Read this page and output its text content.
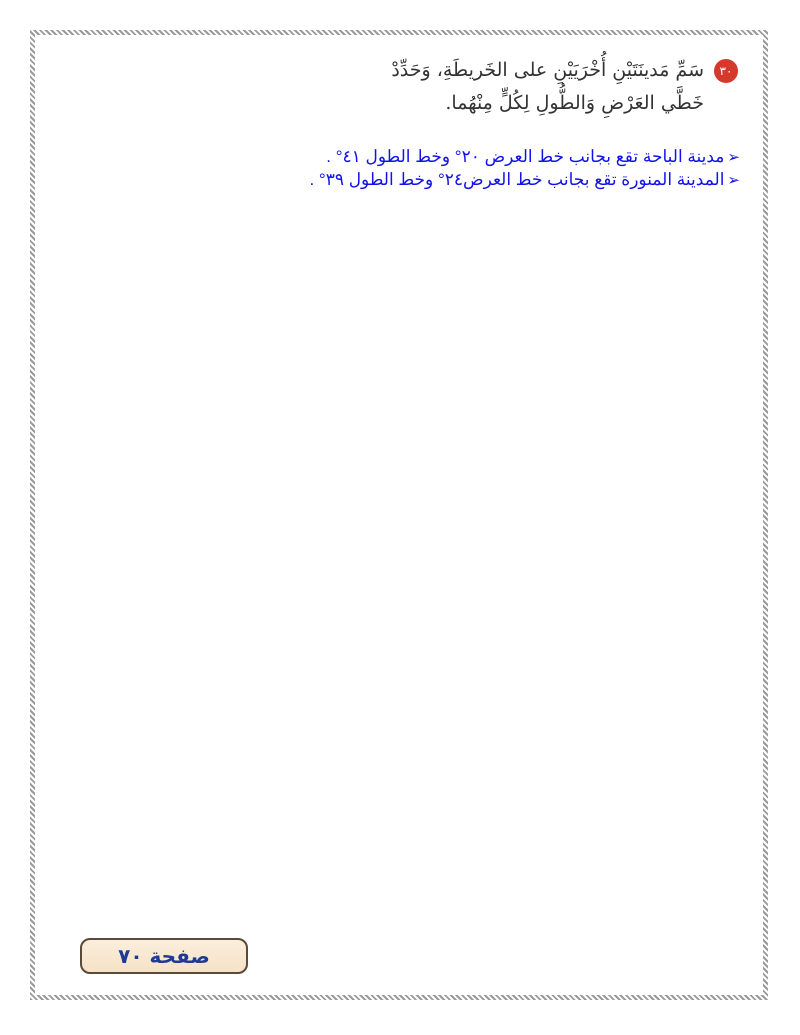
٣٠سَمِّ مَدينَتَيْنِ أُخْرَيَيْنِ على الخَريطَةِ، وَحَدِّدْ
خَطَّي العَرْضِ وَالطُّولِ لِكُلٍّ مِنْهُما.

➢مدينة الباحة تقع بجانب خط العرض ٢٠° وخط الطول ٤١° .

➢المدينة المنورة تقع بجانب خط العرض٢٤° وخط الطول ٣٩° .

صفحة ٧٠
